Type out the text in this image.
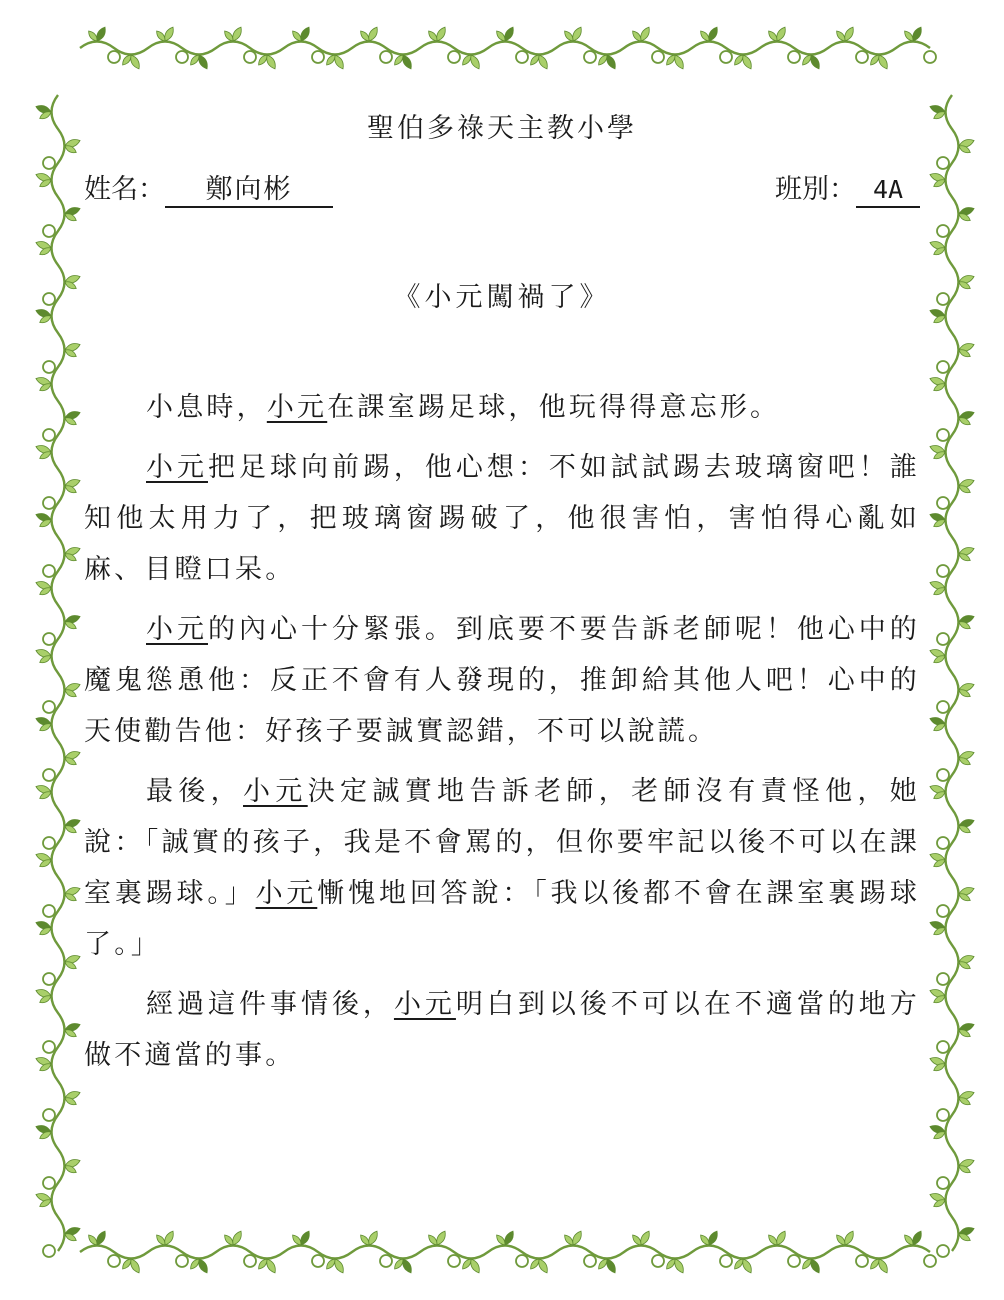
聖伯多祿天主教小學
姓名： 鄭向彬	班別： 4A
《小元闖禍了》

小息時，小元在課室踢足球，他玩得得意忘形。

小元把足球向前踢，他心想：不如試試踢去玻璃窗吧！誰知他太用力了，把玻璃窗踢破了，他很害怕，害怕得心亂如麻、目瞪口呆。

小元的內心十分緊張。到底要不要告訴老師呢！他心中的魔鬼慫恿他：反正不會有人發現的，推卸給其他人吧！心中的天使勸告他：好孩子要誠實認錯，不可以說謊。

最後，小元決定誠實地告訴老師，老師沒有責怪他，她說：「誠實的孩子，我是不會罵的，但你要牢記以後不可以在課室裏踢球。」小元慚愧地回答說：「我以後都不會在課室裏踢球了。」

經過這件事情後，小元明白到以後不可以在不適當的地方做不適當的事。
